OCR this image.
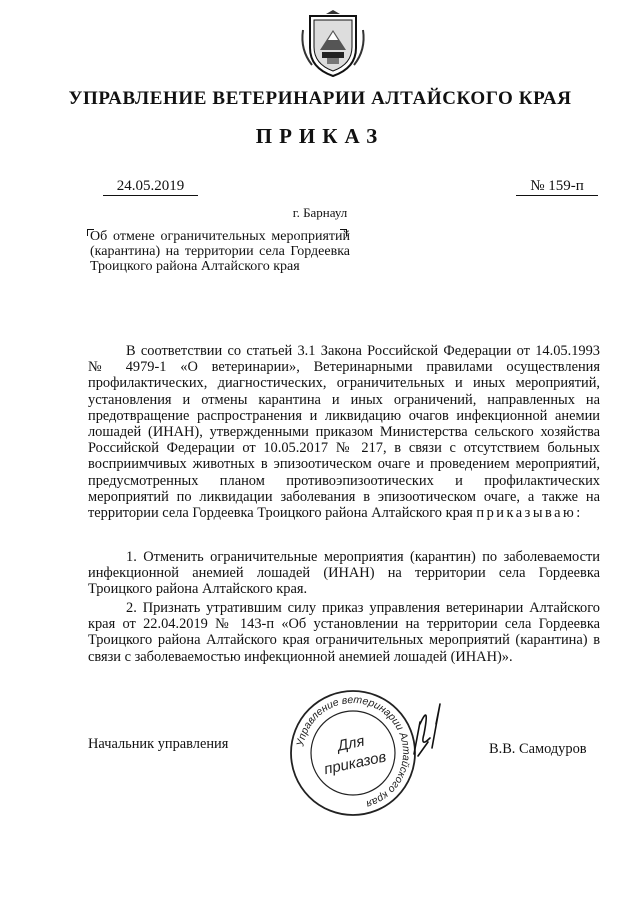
УПРАВЛЕНИЕ ВЕТЕРИНАРИИ АЛТАЙСКОГО КРАЯ
ПРИКАЗ
24.05.2019	№ 159-п
г. Барнаул
Об отмене ограничительных мероприятий (карантина) на территории села Гордеевка Троицкого района Алтайского края
В соответствии со статьей 3.1 Закона Российской Федерации от 14.05.1993 № 4979-1 «О ветеринарии», Ветеринарными правилами осуществления профилактических, диагностических, ограничительных и иных мероприятий, установления и отмены карантина и иных ограничений, направленных на предотвращение распространения и ликвидацию очагов инфекционной анемии лошадей (ИНАН), утвержденными приказом Министерства сельского хозяйства Российской Федерации от 10.05.2017 № 217, в связи с отсутствием больных восприимчивых животных в эпизоотическом очаге и проведением мероприятий, предусмотренных планом противоэпизоотических и профилактических мероприятий по ликвидации заболевания в эпизоотическом очаге, а также на территории села Гордеевка Троицкого района Алтайского края приказываю:
1. Отменить ограничительные мероприятия (карантин) по заболеваемости инфекционной анемией лошадей (ИНАН) на территории села Гордеевка Троицкого района Алтайского края.
2. Признать утратившим силу приказ управления ветеринарии Алтайского края от 22.04.2019 № 143-п «Об установлении на территории села Гордеевка Троицкого района Алтайского края ограничительных мероприятий (карантина) в связи с заболеваемостью инфекционной анемией лошадей (ИНАН)».
Управление ветеринарии Алтайского края
Для
приказов
Начальник управления	В.В. Самодуров
